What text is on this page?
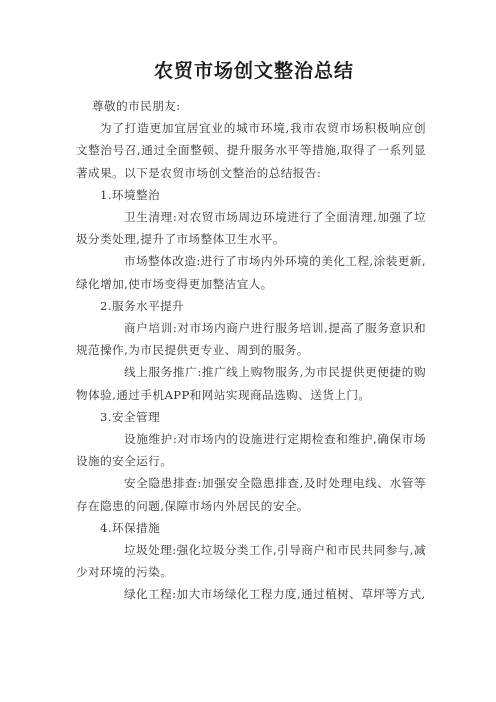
农贸市场创文整治总结

尊敬的市民朋友:

为了打造更加宜居宜业的城市环境,我市农贸市场积极响应创文整治号召,通过全面整顿、提升服务水平等措施,取得了一系列显著成果。以下是农贸市场创文整治的总结报告:

1.环境整治

卫生清理:对农贸市场周边环境进行了全面清理,加强了垃圾分类处理,提升了市场整体卫生水平。

市场整体改造:进行了市场内外环境的美化工程,涂装更新,绿化增加,使市场变得更加整洁宜人。

2.服务水平提升

商户培训:对市场内商户进行服务培训,提高了服务意识和规范操作,为市民提供更专业、周到的服务。

线上服务推广:推广线上购物服务,为市民提供更便捷的购物体验,通过手机APP和网站实现商品选购、送货上门。

3.安全管理

设施维护:对市场内的设施进行定期检查和维护,确保市场设施的安全运行。

安全隐患排查:加强安全隐患排查,及时处理电线、水管等存在隐患的问题,保障市场内外居民的安全。

4.环保措施

垃圾处理:强化垃圾分类工作,引导商户和市民共同参与,减少对环境的污染。

绿化工程:加大市场绿化工程力度,通过植树、草坪等方式,
